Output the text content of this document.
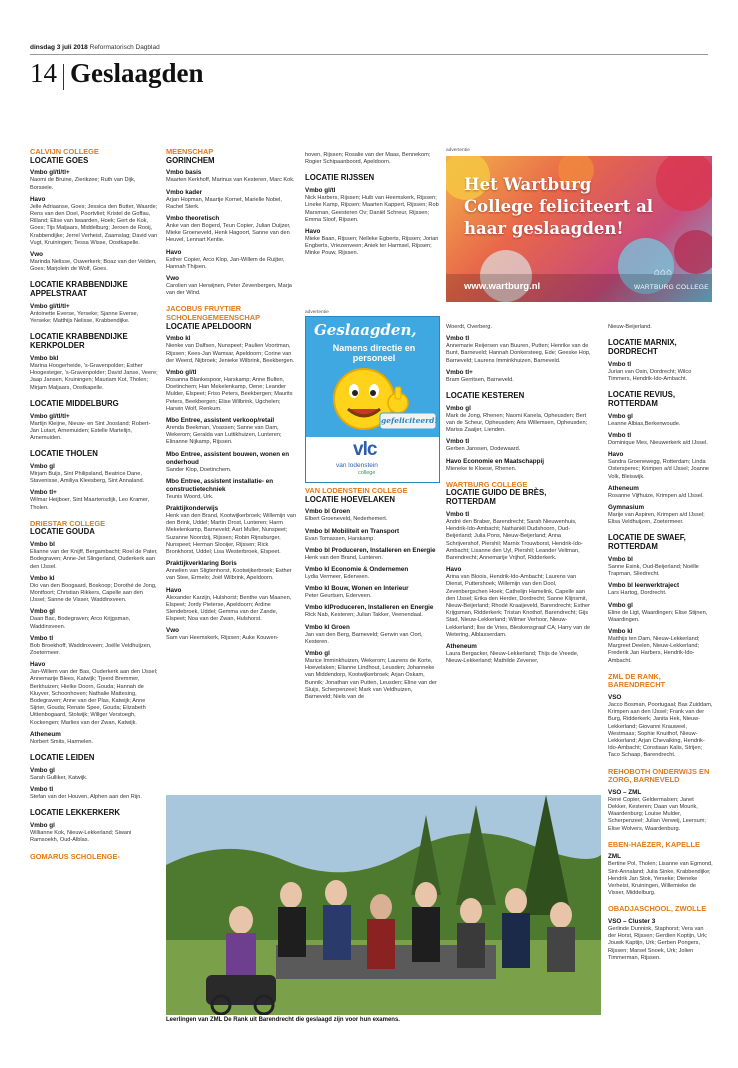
dinsdag 3 juli 2018 Reformatorisch Dagblad
14 Geslaagden
CALVIJN COLLEGE
LOCATIE GOES
Vmbo gl/tl/tl+
Naomi de Bruine, Zierikzee; Ruth van Dijk, Borssele.
Havo
Jelle Adriaanse, Goes; Jessica den Butter, Waarde; Rens van den Doel, Poortvliet; Kristel de Goffau, Rilland; Elise van Iwaarden, Hoek; Gert de Kok, Goes; Tijs Maljaars, Middelburg; Jeroen de Rooij, Krabbendijke; Jerrel Verheist, Zaamslag; David van Vugt, Kruiningen; Tessa Wisse, Oostkapelle.
Vwo
Marinda Nelisse, Ouwerkerk; Boaz van der Velden, Goes; Marjolein de Wolf, Goes.
LOCATIE KRABBENDIJKE APPELSTRAAT
Vmbo gl/tl/tl+
Antoinette Everse, Yerseke; Sjanne Everse, Yerseke; Matthijs Nelisse, Krabbendijke.
LOCATIE KRABBENDIJKE KERKPOLDER
Vmbo bkl
Marina Hoogerheide, 's-Gravenpolder; Esther Hoogesteger, 's-Gravenpolder; David Janse, Veere; Jaap Jansen, Kruiningen; Mauriam Kot, Tholen; Mirjam Maljaars, Oostkapelle.
LOCATIE MIDDELBURG
Vmbo gl/tl/tl+
Martijn Kleijne, Nieuw- en Sint Joosland; Robert-Jan Lutart, Arnemuiden; Estelle Martelijn, Arnemuiden.
LOCATIE THOLEN
Vmbo gl
Mirjam Buijs, Sint Philipsland, Beatrice Dane, Stavenisse, Amiliya Kleesberg, Sint Annaland.
Vmbo tl+
Wilmar Heijboer, Sint Maartensdijk, Leo Kramer, Tholen.
DRIESTAR COLLEGE
LOCATIE GOUDA
Vmbo bl
Elianne van der Knijff, Bergambacht; Roel de Pater, Bodegraven; Anne-Jet Slingerland, Ouderkerk aan den IJssel.
Vmbo kl
Dio van den Boogaard, Boskoop; Dorothé de Jong, Montfoort; Christian Rikkers, Capelle aan den IJssel; Sanne de Visser, Waddinxveen.
Vmbo gl
Daan Bac, Bodegraven; Arco Krijgsman, Waddinxveen.
Vmbo tl
Bob Broekhoff, Waddinxveen; Joëlle Veldhuijzen, Zoetermeer.
Havo
Jan-Willem van der Bas, Ouderkerk aan den IJssel; Annemarije Blees, Katwijk; Tjeerd Bremmer, Berkhuizen; Hielke Doorn, Gouda; Hannah de Kluyver, Schoonhoven; Nathalie Mattesing, Bodegraven; Anne van der Plas, Katwijk; Anne Sijrier, Gouda; Renate Spee, Gouda; Elizabeth Uittenbogaard, Stolwijk; Willger Verstoegh, Kockengen; Marlies van der Zwan, Katwijk.
Atheneum
Norbert Smits, Harmelen.
LOCATIE LEIDEN
Vmbo gl
Sarah Gulliker, Katwijk.
Vmbo tl
Stefan van der Houven, Alphen aan den Rijn.
LOCATIE LEKKERKERK
Vmbo gl
Willianne Kok, Nieuw-Lekkerland; Siwani Ramsoekh, Oud-Alblas.
GOMARUS SCHOLENGE-
MEENSCHAP
GORINCHEM
Vmbo basis
Maarten Kerkhoff, Marinus van Kesteren, Marc Kok.
Vmbo kader
Arjan Hopman, Maartje Kornet, Marielle Nobel, Rachel Sterk.
Vmbo theoretisch
Anke van den Bogerd, Teun Copier, Julian Duijzer, Mieke Groeneveld, Henk Hagoort, Sanne van den Heuvel, Lennart Kentie.
Havo
Esther Copier, Arco Klop, Jan-Willem de Ruijter, Hannah Thijsen.
Vwo
Carolien van Herwijnen, Peter Zevenbergen, Marja van der Wind.
JACOBUS FRUYTIER SCHOLENGEMEENSCHAP
LOCATIE APELDOORN
Vmbo kl
Nienke van Dalfsen, Nunspeet; Paulien Voortman, Rijssen; Kees-Jan Wamsar, Apeldoorn; Corine van der Weerd, Nijbroek; Jenieke Wilbrink, Beekbergen.
Vmbo gl/tl
Rosanna Blankespoor, Harskamp; Anne Bulten, Doetinchem; Han Mekelenkamp, Oene; Leander Mulder, Elspeet; Friso Peters, Beekbergen; Maurits Peters, Beekbergen; Elise Wilbrink, Ugchelen; Harwin Wolf, Renkum.
Mbo Entree, assistent verkoop/retail
Arenda Beekman, Voassen; Sanne van Dam, Wekerom; Geralda van Luttikhuizen, Lunteren; Elinanne Nijkamp, Rijssen.
Mbo Entree, assistent bouwen, wonen en onderhoud
Sander Klop, Doetinchem.
Mbo Entree, assistent installatie- en constructietechniek
Teunis Woord, Urk.
Praktijkonderwijs
Henk van den Brand, Kootwijkerbroek; Willemijn van den Brink, Uddel; Martin Drost, Lunteren; Harm Mekelenkamp, Barneveld; Aart Muller, Nunspeet; Suzanne Noordzij, Rijssen; Robin Rijnsburger, Nunspeet; Herman Slooijer, Rijssen; Rick Bronkhorst, Uddel; Lisa Westerbroek, Elspeet.
Praktijkverklaring Boris
Annelien van Sligtenhorst, Kootwijkerbroek; Esther van Stee, Ermelo; Joël Wilbrink, Apeldoorn.
Havo
Alexander Karzijn, Hulshorst; Benthe van Maanen, Elspeet; Jordy Pieterse, Apeldoorn; Ardine Slendebroek, Uddel; Gemma van der Zande, Elspeet; Noa van der Zwan, Hulshorst.
Vwo
Sam van Heemskerk, Rijssen; Auke Kouwen-
hoven, Rijssen; Rosalie van der Maas, Bennekom; Rogier Schipaanboord, Apeldoorn.
LOCATIE RIJSSEN
Vmbo gl/tl
Nick Harbers, Rijssen; Huib van Heemskerk, Rijssen; Lineke Kamp, Rijssen; Maarten Kappert, Rijssen; Rob Marsman, Geesteren Ov; Daniël Schreur, Rijssen; Emma Sloof, Rijssen.
Havo
Mieke Baan, Rijssen; Nelleke Egberts, Rijssen; Jorian Engberts, Vriezenveen; Aniek ter Harmsel, Rijssen; Minke Pouw, Rijssen.
VAN LODENSTEIN COLLEGE
LOCATIE HOEVELAKEN
Vmbo bl Groen
Elbert Groeneveld, Nederhemert.
Vmbo bl Mobiliteit en Transport
Evan Tomassen, Harskamp.
Vmbo bl Produceren, Installeren en Energie
Henk van den Brand, Lunteren.
Vmbo kl Economie & Ondernemen
Lydia Vermeer, Ederveen.
Vmbo kl Bouw, Wonen en Interieur
Peter Geurtsen, Ederveen.
Vmbo klProduceren, Installeren en Energie
Rick Nab, Kesteren; Julian Takker, Veenendaal.
Vmbo kl Groen
Jan van den Berg, Barneveld; Gerwin van Oort, Kesteren.
Vmbo gl
Marice Imminkhuizen, Wekerom; Laurens de Korte, Hoevelaken; Elianne Lindhout, Leusden; Johanneke van Middendorp, Kootwijkerbroek; Arjan Oskam, Bunnik; Jonathan van Putten, Leusden; Eline van der Sluijs, Scherpenzeel; Mark van Veldhuizen, Barneveld; Niels van de
Woerdt, Overberg.
Vmbo tl
Annemarie Reijersen van Buuren, Putten; Henrike van de Bunt, Barneveld; Hannah Donkersteeg, Ede; Geeske Hop, Barneveld; Laurens Imminkhuizen, Barneveld.
Vmbo tl+
Bram Gerritsen, Barneveld.
LOCATIE KESTEREN
Vmbo gl
Mark de Jong, Rhenen; Naomi Kanela, Opheusden; Bert van de Scheur, Opheusden; Aris Willemsen, Opheusden; Marisa Zaaijer, Lienden.
Vmbo tl
Gerben Janssen, Dodewaard.
Havo Economie en Maatschappij
Mieneke te Kloese, Rhenen.
WARTBURG COLLEGE
LOCATIE GUIDO DE BRÈS, ROTTERDAM
Vmbo tl
André den Braber, Barendrecht; Sarah Nieuwenhuis, Hendrik-Ido-Ambacht; Nathaniël Dudshoorn, Oud-Beijerland; Julia Pons, Nieuw-Beijerland; Anna Schrijvershof, Piershil; Marnix Trouwborst, Hendrik-Ido-Ambacht; Lisanne den Uyl, Piershil; Leander Veltman, Barendrecht; Annemarije Vrijhof, Ridderkerk.
Havo
Arina van Bloois, Hendrik-Ido-Ambacht; Laurens van Dienst, Puttershoek; Willemijn van den Dool, Zevenbergschen Hoek; Cathelijn Hamelink, Capelle aan den IJssel; Erika den Herder, Dordrecht; Sanne Klijnsmit, Nieuw-Beijerland; Rhodé Kraaijeveld, Barendrecht; Esther Krijgsman, Ridderkerk; Tristan Knothof, Barendrecht; Gijs Stad, Nieuw-Lekkerland; Wilmer Verhoor, Nieuw-Lekkerland; Ilse de Vries, Bleskensgraaf CA; Harry van de Wetering, Alblasserdam.
Atheneum
Laura Bergacker, Nieuw-Lekkerland; Thijs de Vreede, Nieuw-Lekkerland; Mathilde Zevener,
Nieuw-Beijerland.
LOCATIE MARNIX, DORDRECHT
Vmbo tl
Jurian van Osin, Dordrecht; Wilco Timmers, Hendrik-Ido-Ambacht.
LOCATIE REVIUS, ROTTERDAM
Vmbo gl
Leanne Albias,Berkenwoude.
Vmbo tl
Dominique Mes, Nieuwerkerk a/d IJssel.
Havo
Sandra Groenewegg, Rotterdam; Linda Ostersperec; Krimpen a/d IJssel; Joanne Volk, Bleiswijk.
Atheneum
Rosanne Vijfhuize, Krimpen a/d IJssel.
Gymnasium
Marije van Aspiren, Krimpen a/d IJssel; Elisa Veldhuijzen, Zoetermeer.
LOCATIE DE SWAEF, ROTTERDAM
Vmbo bl
Sanne Esink, Oud-Beijerland; Noëlle Trapman, Sliedrecht.
Vmbo bl leerwerktraject
Lars Hartog, Dordrecht.
Vmbo gl
Eline de Ligt, Waardingen; Elise Stijnen, Waardingen.
Vmbo kl
Matthijs ten Dam, Nieuw-Lekkerland; Margreet Deelen, Nieuw-Lekkerland; Frederik Jan Harbers, Hendrik-Ido-Ambacht.
ZML DE RANK, BARENDRECHT
VSO
Jacco Bosman, Poortugaal; Bas Zuiddam, Krimpen aan den IJssel; Frank van der Burg, Ridderkerk; Janita Hek, Nieuw-Lekkerland; Giovanni Krauweel, Westmaas; Sophie Knuithof, Nieuw-Lekkerland; Arjan Chevalking, Hendrik-Ido-Ambacht; Constiaan Kalis, Strijen; Taco Schaap, Barendrecht.
REHOBOTH ONDERWIJS EN ZORG, BARNEVELD
VSO – ZML
René Copier, Geldermalsen; Janet Dekker, Kesteren; Daan van Mourik, Waardenburg; Louise Mulder, Scherpenzeel; Julian Verweij, Leersum; Elise Wolvers, Waardenburg.
EBEN-HAËZER, KAPELLE
ZML
Bertine Pol, Tholen; Lisanne van Egmond, Sint-Annaland; Julia Sinke, Krabbendijke; Hendrik Jan Stok, Yerseke; Dieneke Verheist, Kruiningen, Willemieke de Visser, Middelburg.
OBADJASCHOOL, ZWOLLE
VSO – Cluster 3
Gerlinde Dunnink, Staphorst; Vera van der Horst, Rijssen; Gerdien Koptijn, Urk; Jouwk Kaptijn, Urk; Gerben Pongers, Rijssen; Marsel Snoek, Urk; Jolien Timmerman, Rijssen.
advertentie
Geslaagden,
Namens directie en personeel
gefeliciteerd!
vlc
van lodenstein
college
advertentie
Het Wartburg College feliciteert al haar geslaagden!
www.wartburg.nl
⌂⌂⌂
WARTBURG COLLEGE
Leerlingen van ZML De Rank uit Barendrecht die geslaagd zijn voor hun examens.
